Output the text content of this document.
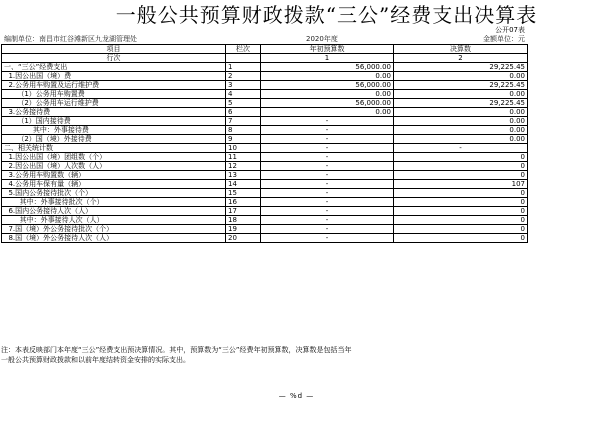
一般公共预算财政拨款“三公”经费支出决算表
公开07表
编制单位：南昌市红谷滩新区九龙湖管理处	2020年度	金额单位：元
项目	栏次	年初预算数	决算数
行次		1	2
一、“三公”经费支出	1	56,000.00	29,225.45
1.因公出国（境）费	2	0.00	0.00
2.公务用车购置及运行维护费	3	56,000.00	29,225.45
（1）公务用车购置费	4	0.00	0.00
（2）公务用车运行维护费	5	56,000.00	29,225.45
3.公务接待费	6	0.00	0.00
（1）国内接待费	7	-	0.00
其中：外事接待费	8	-	0.00
（2）国（境）外接待费	9	-	0.00
二、相关统计数	10	-	-
1.因公出国（境）团组数（个）	11	-	0
2.因公出国（境）人次数（人）	12	-	0
3.公务用车购置数（辆）	13	-	0
4.公务用车保有量（辆）	14	-	107
5.国内公务接待批次（个）	15	-	0
其中：外事接待批次（个）	16	-	0
6.国内公务接待人次（人）	17	-	0
其中：外事接待人次（人）	18	-	0
7.国（境）外公务接待批次（个）	19	-	0
8.国（境）外公务接待人次（人）	20	-	0
注：本表反映部门本年度“三公”经费支出预决算情况。其中，预算数为“三公”经费年初预算数，决算数是包括当年
一般公共预算财政拨款和以前年度结转资金安排的实际支出。
— %d —
